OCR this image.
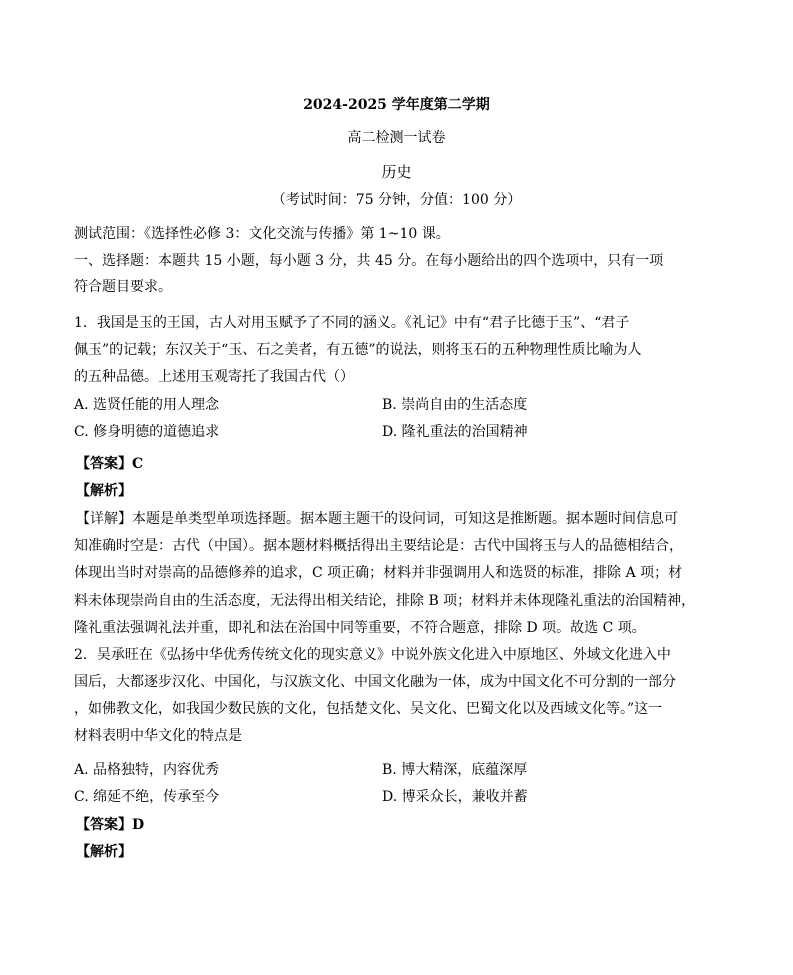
2024-2025 学年度第二学期
高二检测一试卷
历史
（考试时间：75 分钟，分值：100 分）
测试范围：《选择性必修 3：文化交流与传播》第 1~10 课。
一、选择题：本题共 15 小题，每小题 3 分，共 45 分。在每小题给出的四个选项中，只有一项
符合题目要求。
1．我国是玉的王国，古人对用玉赋予了不同的涵义。《礼记》中有“君子比德于玉”、“君子
佩玉”的记载；东汉关于“玉、石之美者，有五德”的说法，则将玉石的五种物理性质比喻为人
的五种品德。上述用玉观寄托了我国古代（）
A. 选贤任能的用人理念	B. 崇尚自由的生活态度
C. 修身明德的道德追求	D. 隆礼重法的治国精神
【答案】C
【解析】
【详解】本题是单类型单项选择题。据本题主题干的设问词，可知这是推断题。据本题时间信息可
知准确时空是：古代（中国）。据本题材料概括得出主要结论是：古代中国将玉与人的品德相结合，
体现出当时对崇高的品德修养的追求，C 项正确；材料并非强调用人和选贤的标准，排除 A 项；材
料未体现崇尚自由的生活态度，无法得出相关结论，排除 B 项；材料并未体现隆礼重法的治国精神，
隆礼重法强调礼法并重，即礼和法在治国中同等重要，不符合题意，排除 D 项。故选 C 项。
2．吴承旺在《弘扬中华优秀传统文化的现实意义》中说外族文化进入中原地区、外域文化进入中
国后，大都逐步汉化、中国化，与汉族文化、中国文化融为一体，成为中国文化不可分割的一部分
，如佛教文化，如我国少数民族的文化，包括楚文化、吴文化、巴蜀文化以及西域文化等。”这一
材料表明中华文化的特点是
A. 品格独特，内容优秀	B. 博大精深，底蕴深厚
C. 绵延不绝，传承至今	D. 博采众长，兼收并蓄
【答案】D
【解析】
